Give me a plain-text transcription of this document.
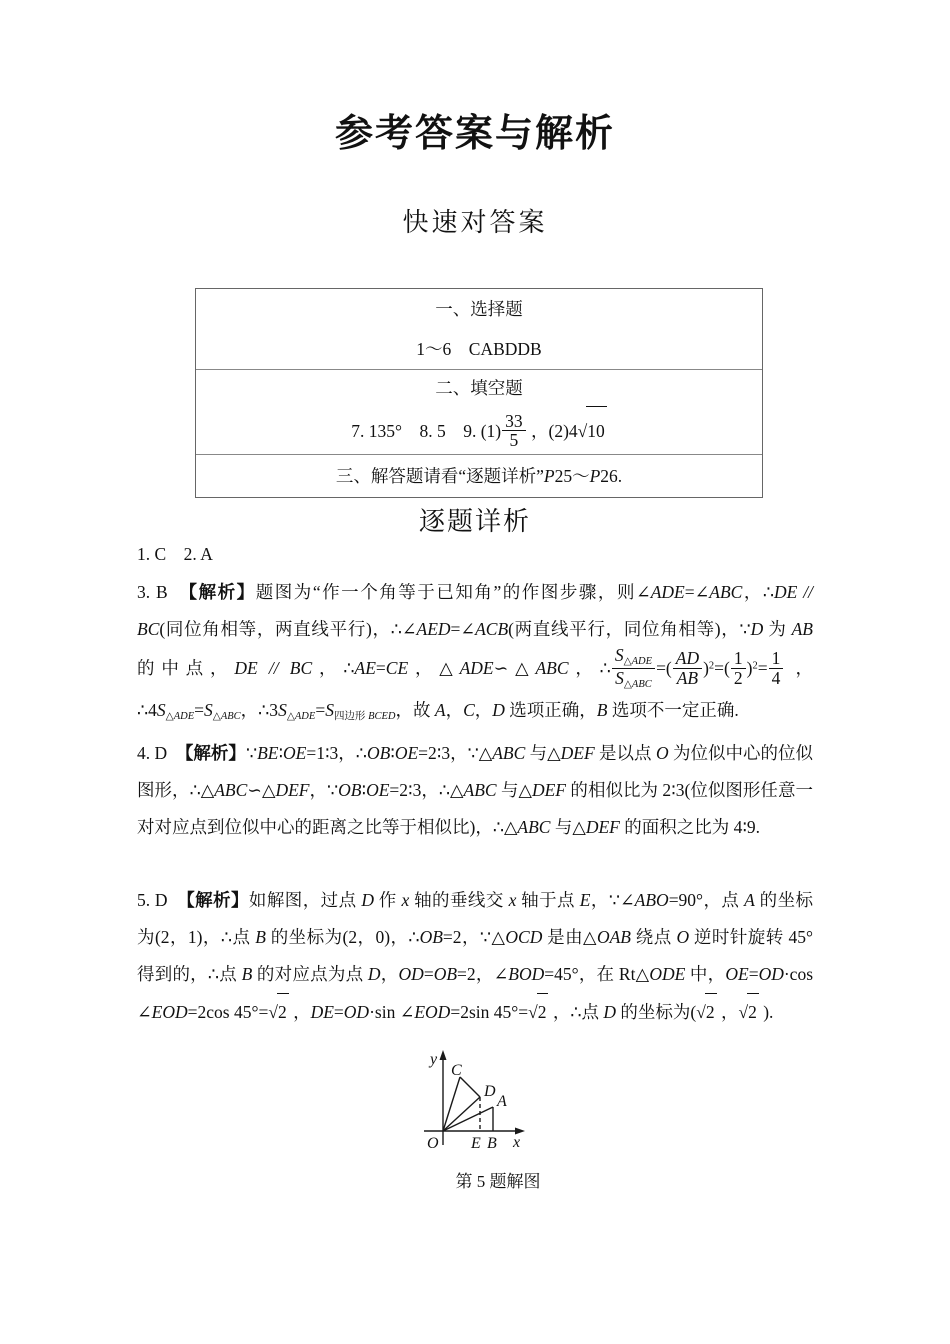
参考答案与解析
快速对答案
一、选择题
1～6　CABDDB
二、填空题
7. 135°　8. 5　9. $(1) \frac{33}{5}$ ，(2)4√10
三、解答题请看“逐题详析”P25～P26.
逐题详析

1. C　2. A

3. B　【解析】题图为“作一个角等于已知角”的作图步骤，则∠ADE=∠ABC，∴DE // BC(同位角相等，两直线平行)，∴∠AED=∠ACB(两直线平行，同位角相等)，∵D 为 AB 的中点，DE // BC，∴AE=CE，△ADE∽△ABC，∴ $\frac{\text{S△ADE}}{\text{S△ABC}}$ =( $\frac{AD}{AB} )^2=( \frac{1}{2} )^2= \frac{1}{4}$ ，∴4S△ADE=S△ABC，∴3S△ADE=S四边形 BCED，故 A，C，D 选项正确，B 选项不一定正确.

4. D　【解析】∵BE∶OE=1∶3，∴OB∶OE=2∶3，∵△ABC 与△DEF 是以点 O 为位似中心的位似图形，∴△ABC∽△DEF，∵OB∶OE=2∶3，∴△ABC 与△DEF 的相似比为 2∶3(位似图形任意一对对应点到位似中心的距离之比等于相似比)，∴△ABC 与△DEF 的面积之比为 4∶9.

5. D　【解析】如解图，过点 D 作 x 轴的垂线交 x 轴于点 E，∵∠ABO=90°，点 A 的坐标为(2，1)，∴点 B 的坐标为(2，0)，∴OB=2，∵△OCD 是由△OAB 绕点 O 逆时针旋转 45°得到的，∴点 B 的对应点为点 D，OD=OB=2，∠BOD=45°，在 Rt△ODE 中，OE=OD·cos ∠EOD=2cos 45°=√2 ，DE=OD·sin ∠EOD=2sin 45°=√2 ，∴点 D 的坐标为(√2 ，√2 ).

y
C
D
A
O E B x
第 5 题解图
